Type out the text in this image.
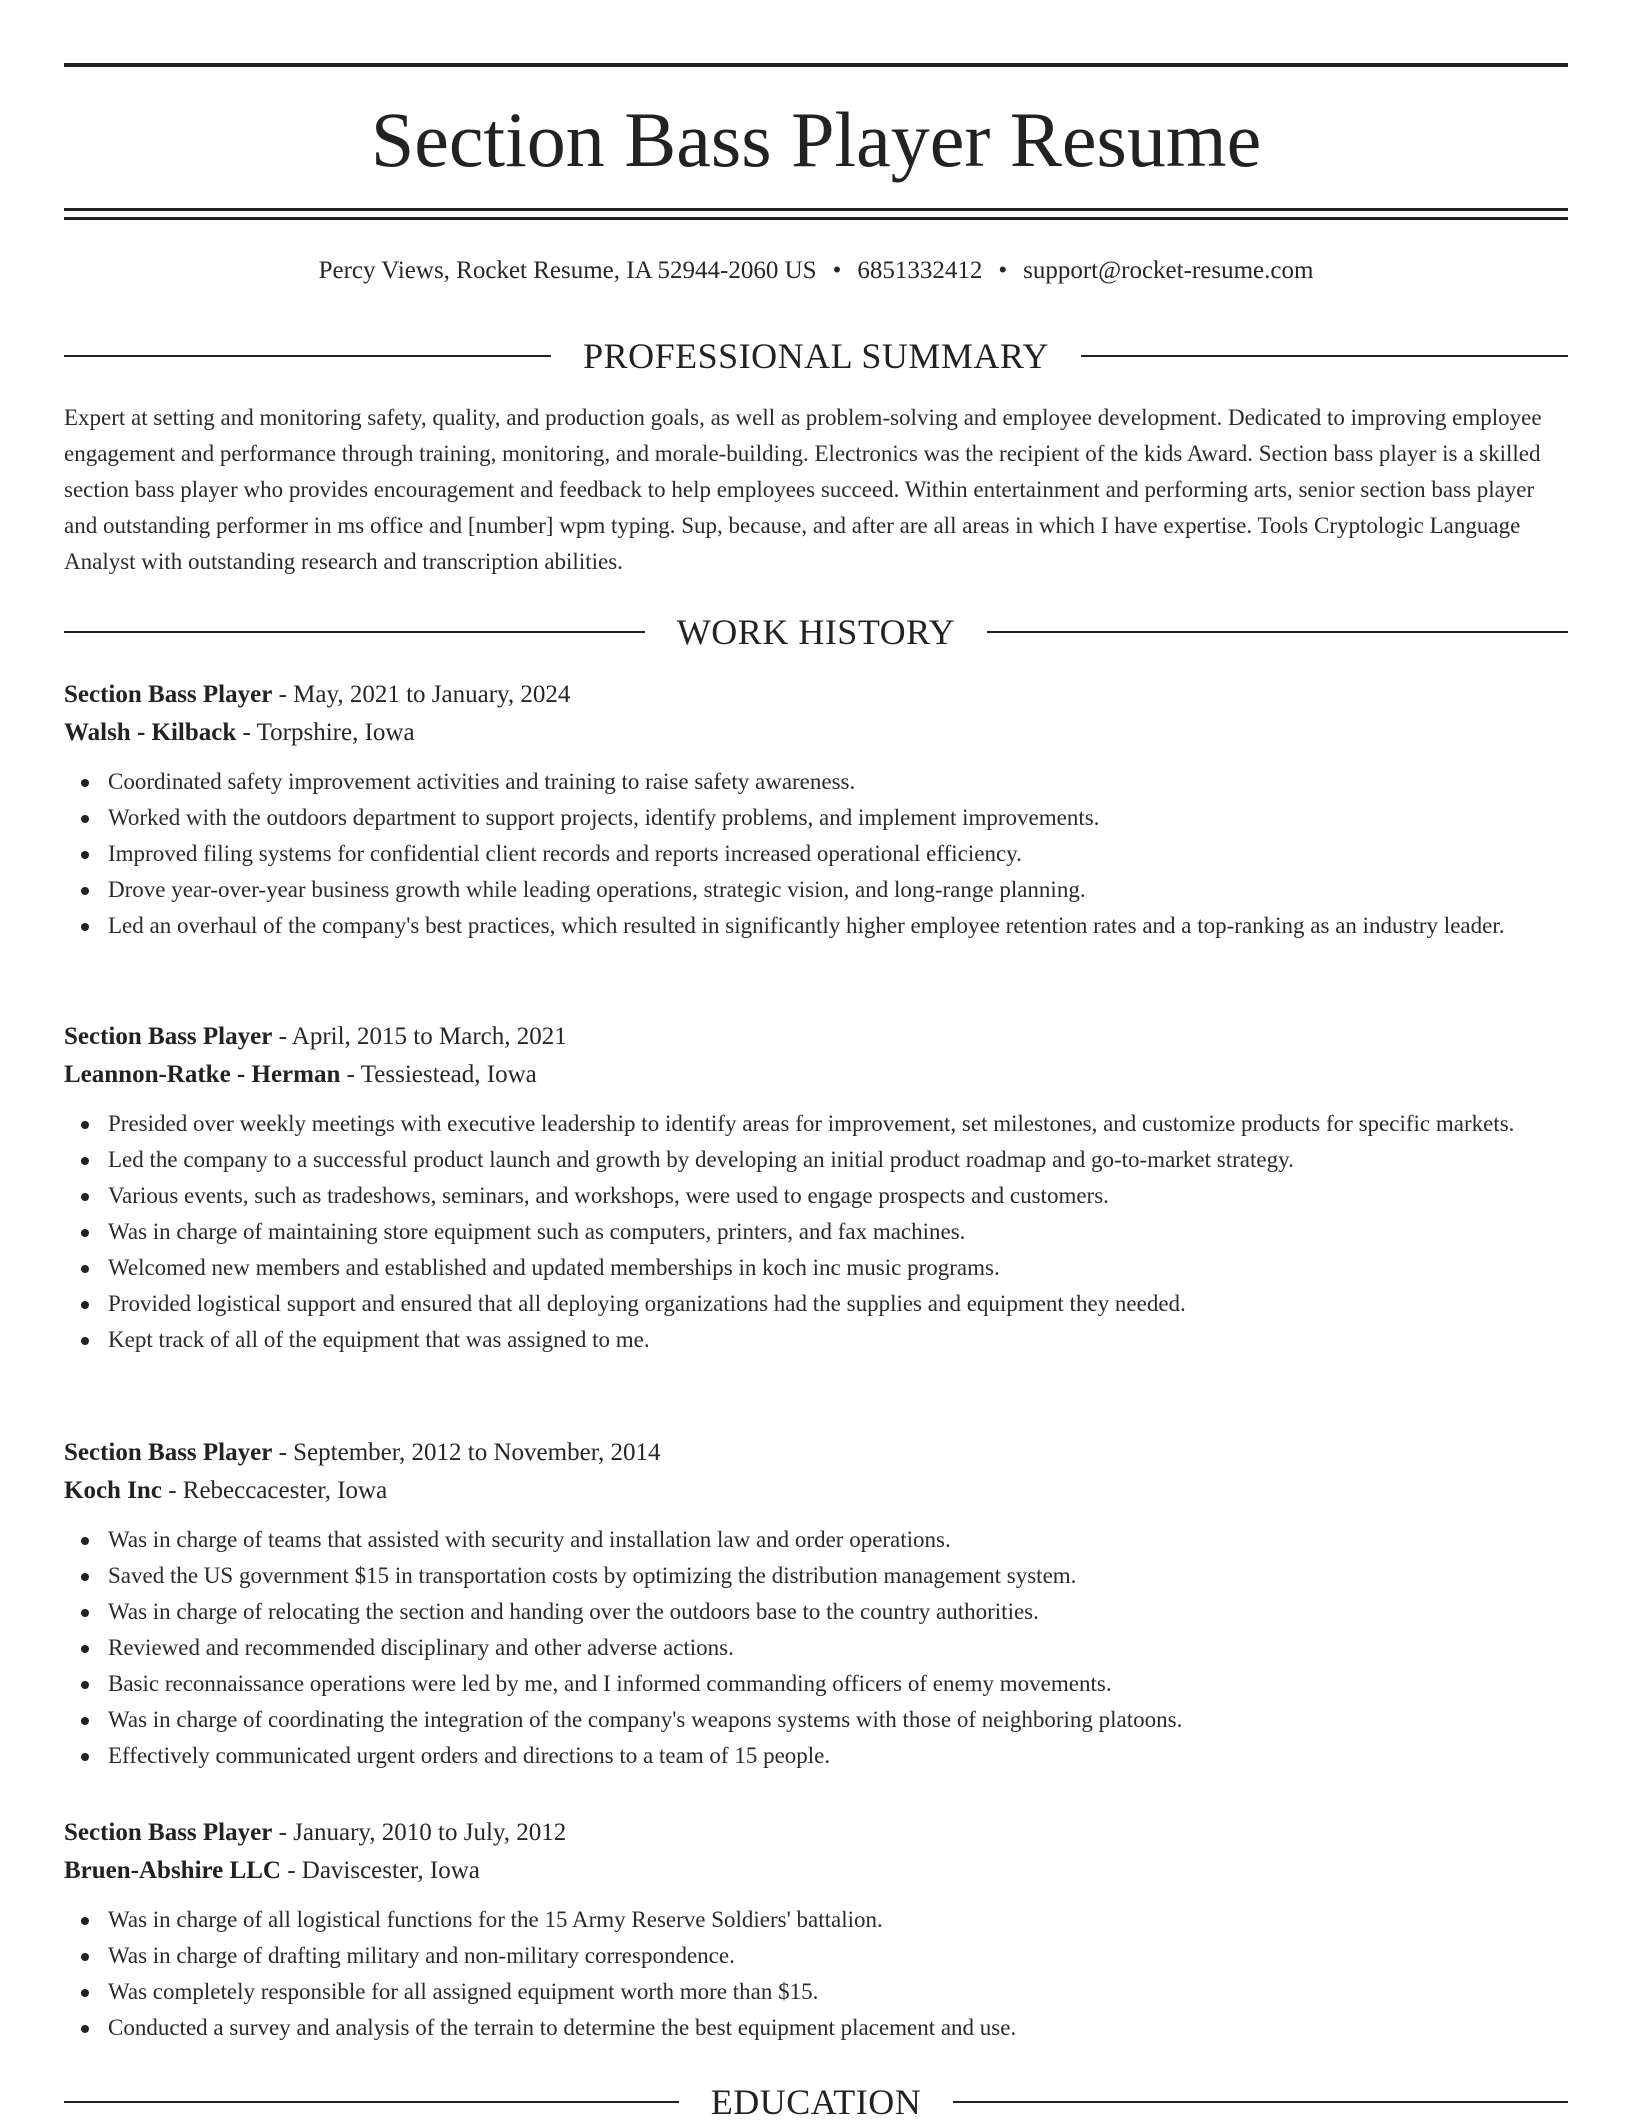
Section Bass Player Resume
Percy Views, Rocket Resume, IA 52944-2060 US • 6851332412 • support@rocket-resume.com
PROFESSIONAL SUMMARY

Expert at setting and monitoring safety, quality, and production goals, as well as problem-solving and employee development. Dedicated to improving employee engagement and performance through training, monitoring, and morale-building. Electronics was the recipient of the kids Award. Section bass player is a skilled section bass player who provides encouragement and feedback to help employees succeed. Within entertainment and performing arts, senior section bass player and outstanding performer in ms office and [number] wpm typing. Sup, because, and after are all areas in which I have expertise. Tools Cryptologic Language Analyst with outstanding research and transcription abilities.

WORK HISTORY
Section Bass Player - May, 2021 to January, 2024
Walsh - Kilback - Torpshire, Iowa
Coordinated safety improvement activities and training to raise safety awareness.
Worked with the outdoors department to support projects, identify problems, and implement improvements.
Improved filing systems for confidential client records and reports increased operational efficiency.
Drove year-over-year business growth while leading operations, strategic vision, and long-range planning.
Led an overhaul of the company's best practices, which resulted in significantly higher employee retention rates and a top-ranking as an industry leader.
Section Bass Player - April, 2015 to March, 2021
Leannon-Ratke - Herman - Tessiestead, Iowa
Presided over weekly meetings with executive leadership to identify areas for improvement, set milestones, and customize products for specific markets.
Led the company to a successful product launch and growth by developing an initial product roadmap and go-to-market strategy.
Various events, such as tradeshows, seminars, and workshops, were used to engage prospects and customers.
Was in charge of maintaining store equipment such as computers, printers, and fax machines.
Welcomed new members and established and updated memberships in koch inc music programs.
Provided logistical support and ensured that all deploying organizations had the supplies and equipment they needed.
Kept track of all of the equipment that was assigned to me.
Section Bass Player - September, 2012 to November, 2014
Koch Inc - Rebeccacester, Iowa
Was in charge of teams that assisted with security and installation law and order operations.
Saved the US government $15 in transportation costs by optimizing the distribution management system.
Was in charge of relocating the section and handing over the outdoors base to the country authorities.
Reviewed and recommended disciplinary and other adverse actions.
Basic reconnaissance operations were led by me, and I informed commanding officers of enemy movements.
Was in charge of coordinating the integration of the company's weapons systems with those of neighboring platoons.
Effectively communicated urgent orders and directions to a team of 15 people.
Section Bass Player - January, 2010 to July, 2012
Bruen-Abshire LLC - Daviscester, Iowa
Was in charge of all logistical functions for the 15 Army Reserve Soldiers' battalion.
Was in charge of drafting military and non-military correspondence.
Was completely responsible for all assigned equipment worth more than $15.
Conducted a survey and analysis of the terrain to determine the best equipment placement and use.
EDUCATION
